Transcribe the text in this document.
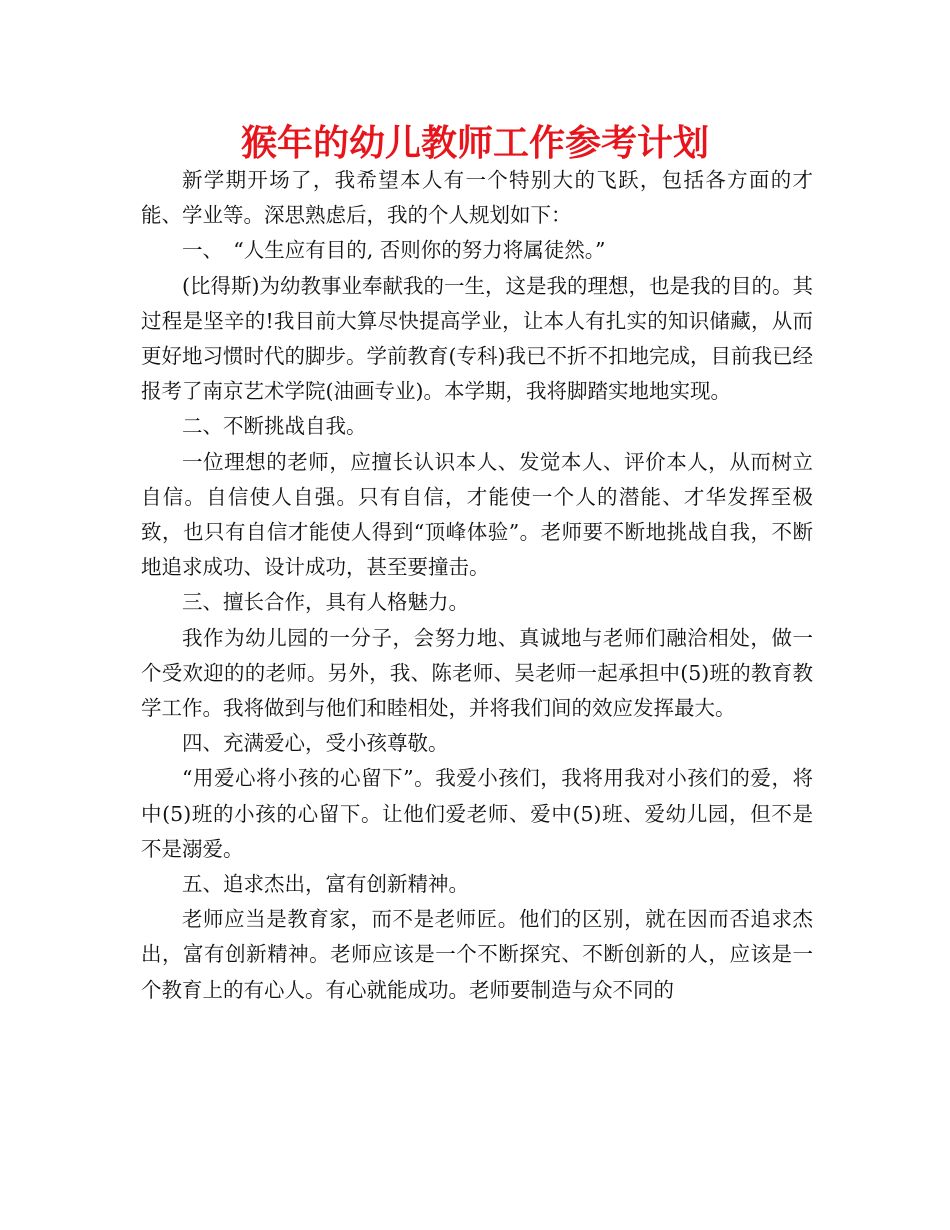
猴年的幼儿教师工作参考计划

新学期开场了，我希望本人有一个特别大的飞跃，包括各方面的才能、学业等。深思熟虑后，我的个人规划如下：

一、　“人生应有目的, 否则你的努力将属徒然。”

(比得斯)为幼教事业奉献我的一生，这是我的理想，也是我的目的。其过程是坚辛的!我目前大算尽快提高学业，让本人有扎实的知识储藏，从而更好地习惯时代的脚步。学前教育(专科)我已不折不扣地完成，目前我已经报考了南京艺术学院(油画专业)。本学期，我将脚踏实地地实现。

二、不断挑战自我。

一位理想的老师，应擅长认识本人、发觉本人、评价本人，从而树立自信。自信使人自强。只有自信，才能使一个人的潜能、才华发挥至极致，也只有自信才能使人得到“顶峰体验”。老师要不断地挑战自我，不断地追求成功、设计成功，甚至要撞击。

三、擅长合作，具有人格魅力。

我作为幼儿园的一分子，会努力地、真诚地与老师们融洽相处，做一个受欢迎的的老师。另外，我、陈老师、吴老师一起承担中(5)班的教育教学工作。我将做到与他们和睦相处，并将我们间的效应发挥最大。

四、充满爱心，受小孩尊敬。

“用爱心将小孩的心留下”。我爱小孩们，我将用我对小孩们的爱，将中(5)班的小孩的心留下。让他们爱老师、爱中(5)班、爱幼儿园，但不是不是溺爱。

五、追求杰出，富有创新精神。

老师应当是教育家，而不是老师匠。他们的区别，就在因而否追求杰出，富有创新精神。老师应该是一个不断探究、不断创新的人，应该是一个教育上的有心人。有心就能成功。老师要制造与众不同的
